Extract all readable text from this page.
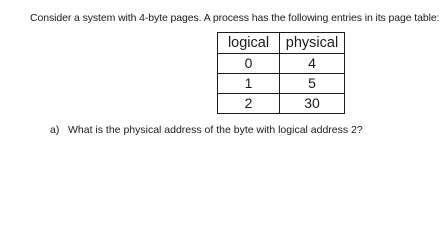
Consider a system with 4-byte pages. A process has the following entries in its page table:
logical	physical
0	4
1	5
2	30
a) What is the physical address of the byte with logical address 2?
